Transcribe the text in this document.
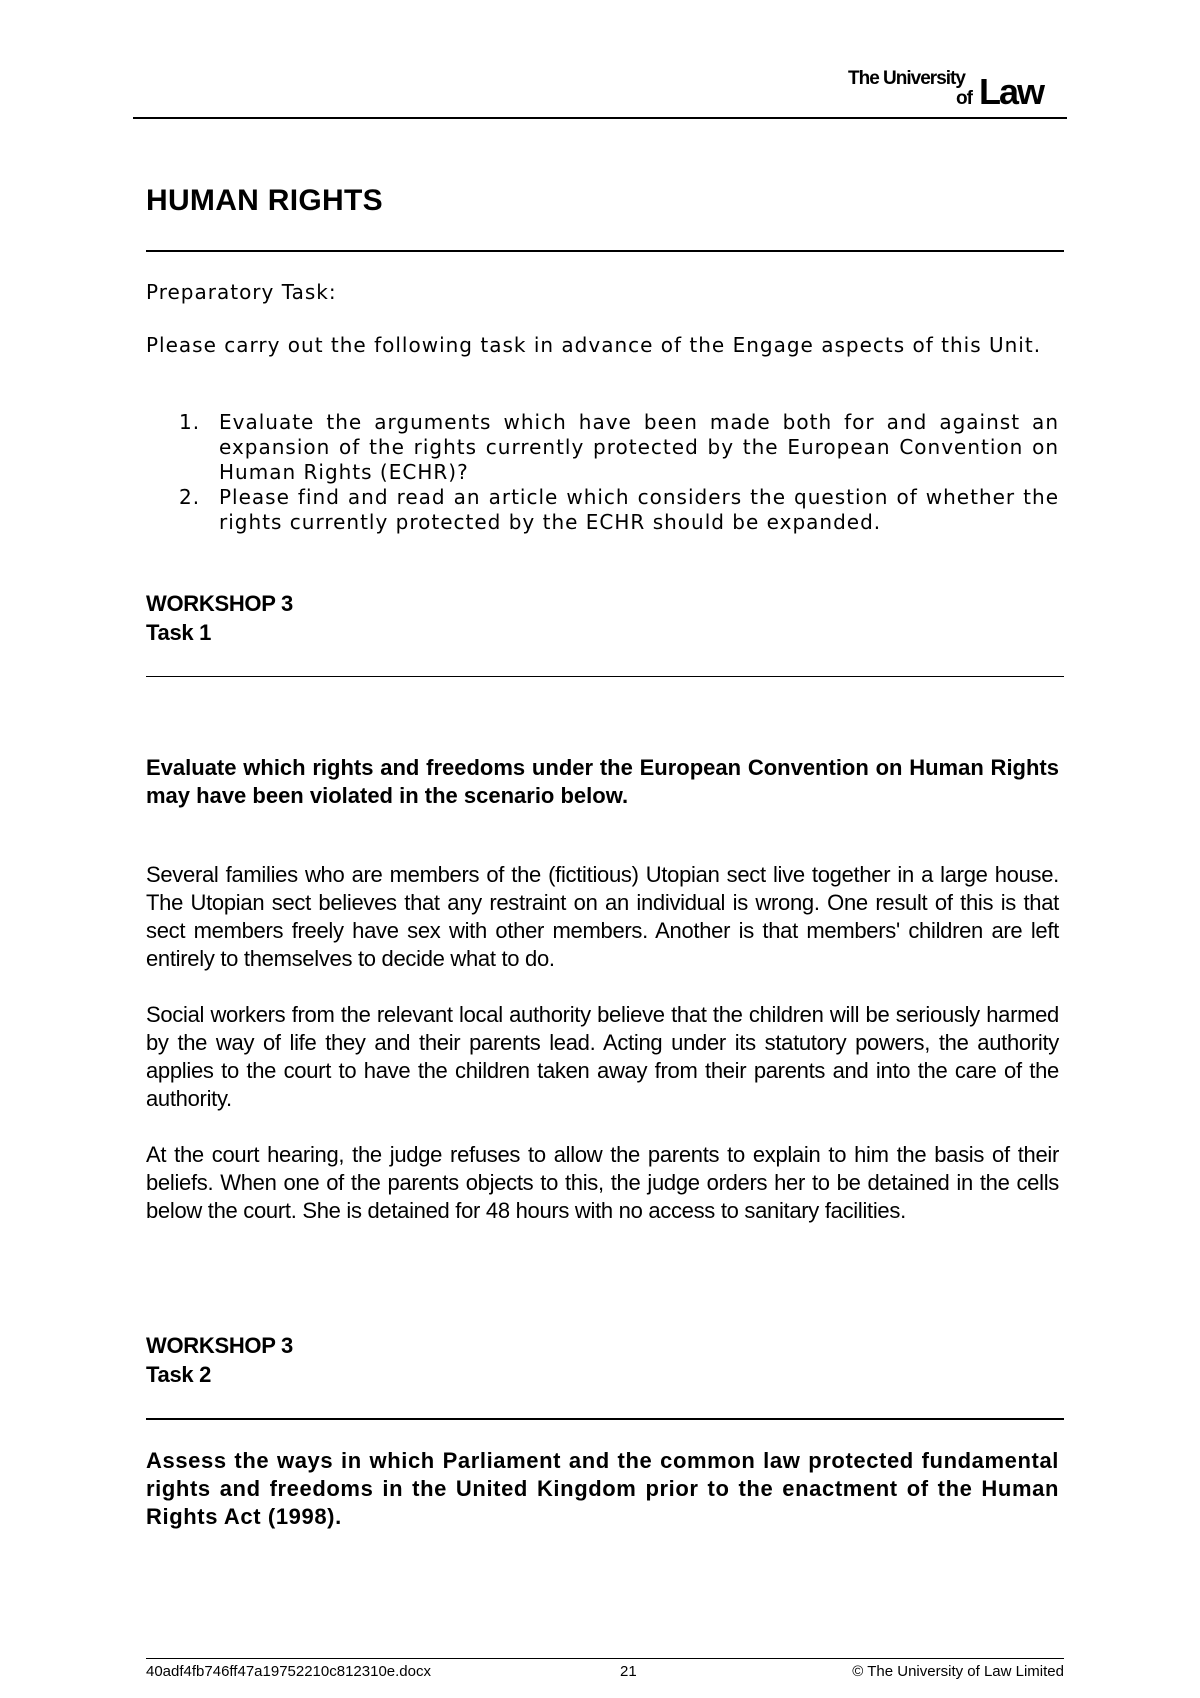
The University
of Law
HUMAN RIGHTS
Preparatory Task:
Please carry out the following task in advance of the Engage aspects of this Unit.
1. Evaluate the arguments which have been made both for and against an expansion of the rights currently protected by the European Convention on Human Rights (ECHR)?
2. Please find and read an article which considers the question of whether the rights currently protected by the ECHR should be expanded.
WORKSHOP 3
Task 1
Evaluate which rights and freedoms under the European Convention on Human Rights may have been violated in the scenario below.
Several families who are members of the (fictitious) Utopian sect live together in a large house. The Utopian sect believes that any restraint on an individual is wrong. One result of this is that sect members freely have sex with other members. Another is that members' children are left entirely to themselves to decide what to do.
Social workers from the relevant local authority believe that the children will be seriously harmed by the way of life they and their parents lead. Acting under its statutory powers, the authority applies to the court to have the children taken away from their parents and into the care of the authority.
At the court hearing, the judge refuses to allow the parents to explain to him the basis of their beliefs. When one of the parents objects to this, the judge orders her to be detained in the cells below the court. She is detained for 48 hours with no access to sanitary facilities.
WORKSHOP 3
Task 2
Assess the ways in which Parliament and the common law protected fundamental rights and freedoms in the United Kingdom prior to the enactment of the Human Rights Act (1998).
40adf4fb746ff47a19752210c812310e.docx	21	© The University of Law Limited
